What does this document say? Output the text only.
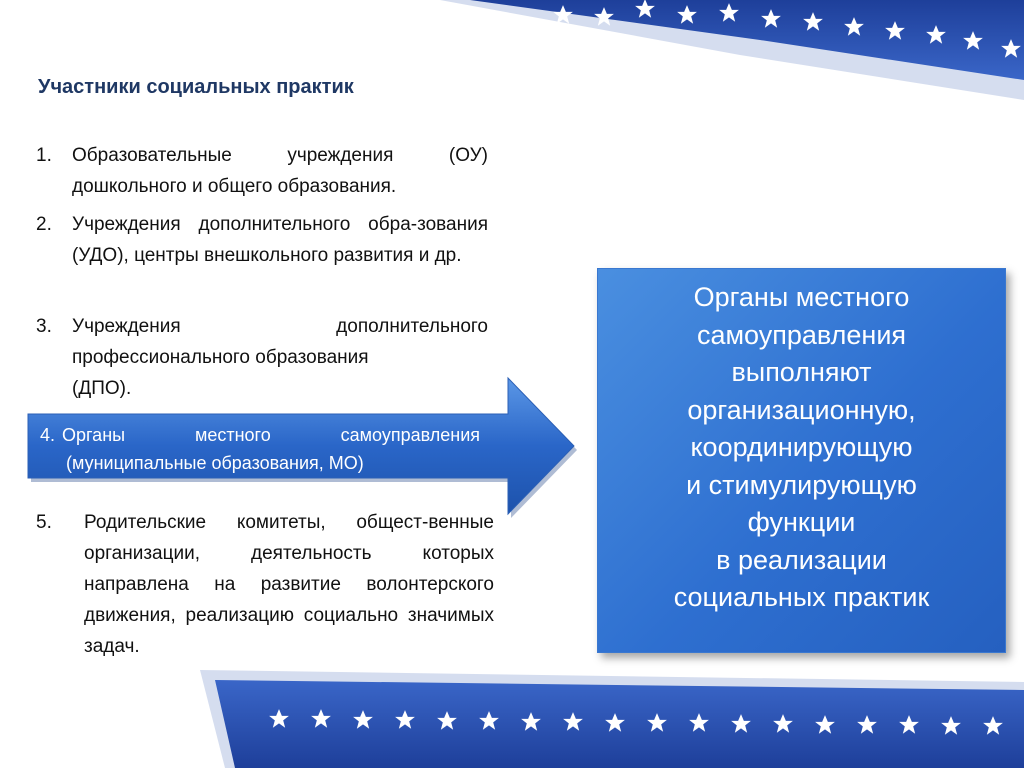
Участники социальных практик
1. Образовательные учреждения (ОУ) дошкольного и общего образования.
2. Учреждения дополнительного обра-зования (УДО), центры внешкольного развития и др.
3. Учреждения дополнительного профессионального образования
(ДПО).
4. Органы местного самоуправления (муниципальные образования, МО)
5. Родительские комитеты, общест-венные организации, деятельность которых направлена на развитие волонтерского движения, реализацию социально значимых задач.
Органы местного
самоуправления
выполняют
организационную,
координирующую
и стимулирующую
функции
в реализации
социальных практик
